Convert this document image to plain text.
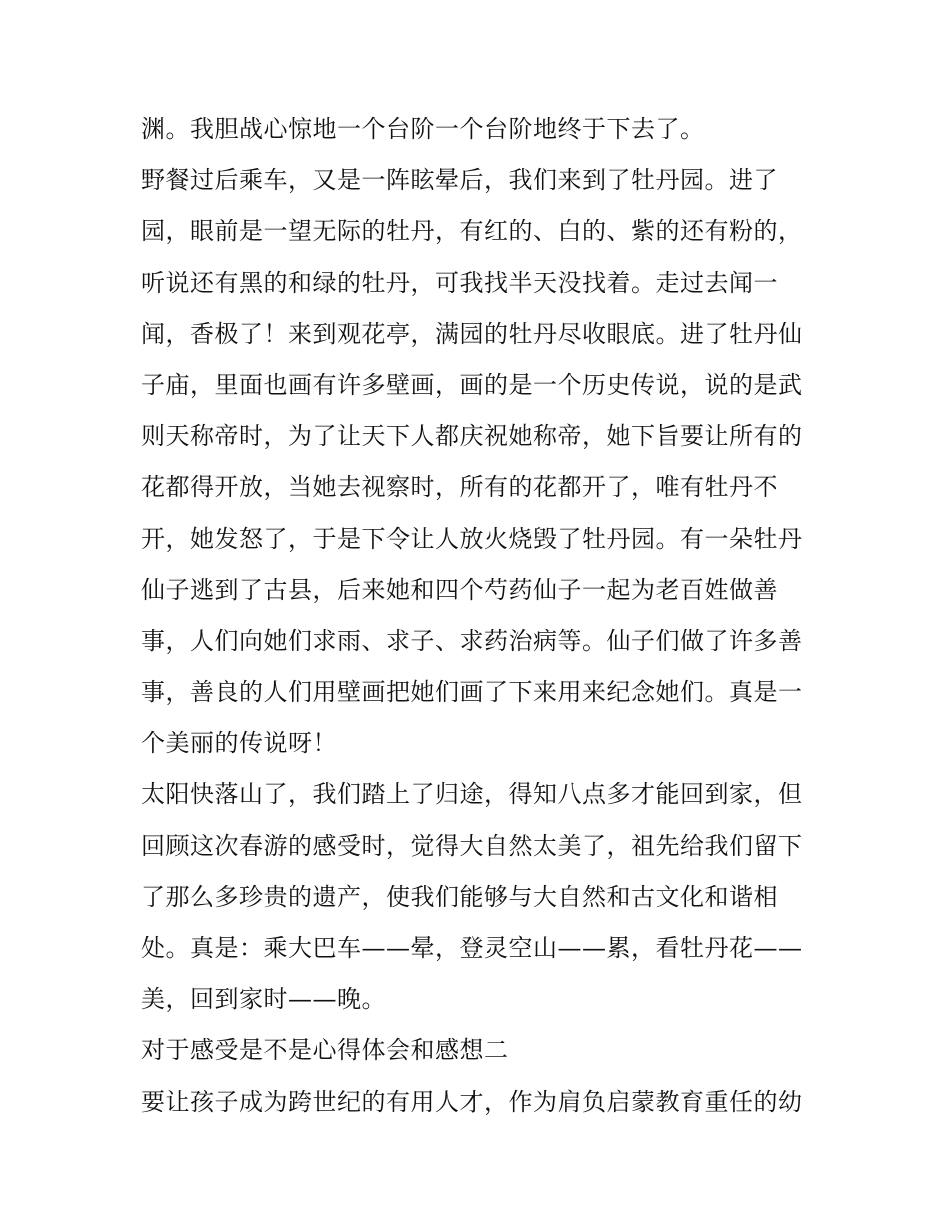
渊。我胆战心惊地一个台阶一个台阶地终于下去了。
野餐过后乘车，又是一阵眩晕后，我们来到了牡丹园。进了
园，眼前是一望无际的牡丹，有红的、白的、紫的还有粉的，
听说还有黑的和绿的牡丹，可我找半天没找着。走过去闻一
闻，香极了！来到观花亭，满园的牡丹尽收眼底。进了牡丹仙
子庙，里面也画有许多壁画，画的是一个历史传说，说的是武
则天称帝时，为了让天下人都庆祝她称帝，她下旨要让所有的
花都得开放，当她去视察时，所有的花都开了，唯有牡丹不
开，她发怒了，于是下令让人放火烧毁了牡丹园。有一朵牡丹
仙子逃到了古县，后来她和四个芍药仙子一起为老百姓做善
事，人们向她们求雨、求子、求药治病等。仙子们做了许多善
事，善良的人们用壁画把她们画了下来用来纪念她们。真是一
个美丽的传说呀！
太阳快落山了，我们踏上了归途，得知八点多才能回到家，但
回顾这次春游的感受时，觉得大自然太美了，祖先给我们留下
了那么多珍贵的遗产，使我们能够与大自然和古文化和谐相
处。真是：乘大巴车——晕，登灵空山——累，看牡丹花——
美，回到家时——晚。
对于感受是不是心得体会和感想二
要让孩子成为跨世纪的有用人才，作为肩负启蒙教育重任的幼
